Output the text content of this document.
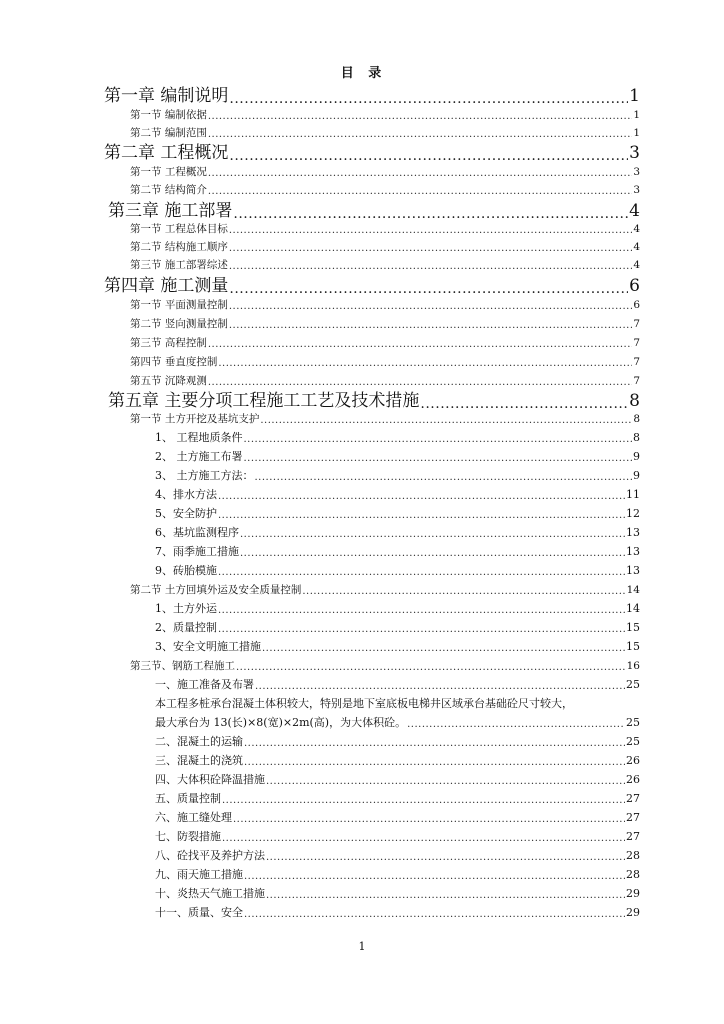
目 录
第一章 编制说明 .....	1
第一节 编制依据 .....	1
第二节 编制范围 .....	1
第二章 工程概况 .....	3
第一节 工程概况 .....	3
第二节 结构简介 .....	3
第三章 施工部署 .....	4
第一节 工程总体目标 .....	4
第二节 结构施工顺序 .....	4
第三节 施工部署综述 .....	4
第四章 施工测量 .....	6
第一节 平面测量控制 .....	6
第二节 竖向测量控制 .....	7
第三节 高程控制 .....	7
第四节 垂直度控制 .....	7
第五节 沉降观测 .....	7
第五章 主要分项工程施工工艺及技术措施 .....	8
第一节 土方开挖及基坑支护 .....	8
1、 工程地质条件 .....	8
2、 土方施工布署 .....	9
3、 土方施工方法： .....	9
4、排水方法 .....	11
5、安全防护 .....	12
6、基坑监测程序 .....	13
7、雨季施工措施 .....	13
9、砖胎模施 .....	13
第二节 土方回填外运及安全质量控制 .....	14
1、土方外运 .....	14
2、质量控制 .....	15
3、安全文明施工措施 .....	15
第三节、钢筋工程施工 .....	16
一、施工准备及布署 .....	25
本工程多桩承台混凝土体积较大，特别是地下室底板电梯井区域承台基础砼尺寸较大，
最大承台为 13(长)×8(宽)×2m(高)，为大体积砼。 .....	25
二、混凝土的运输 .....	25
三、混凝土的浇筑 .....	26
四、大体积砼降温措施 .....	26
五、质量控制 .....	27
六、施工缝处理 .....	27
七、防裂措施 .....	27
八、砼找平及养护方法 .....	28
九、雨天施工措施 .....	28
十、炎热天气施工措施 .....	29
十一、质量、安全 .....	29
1
